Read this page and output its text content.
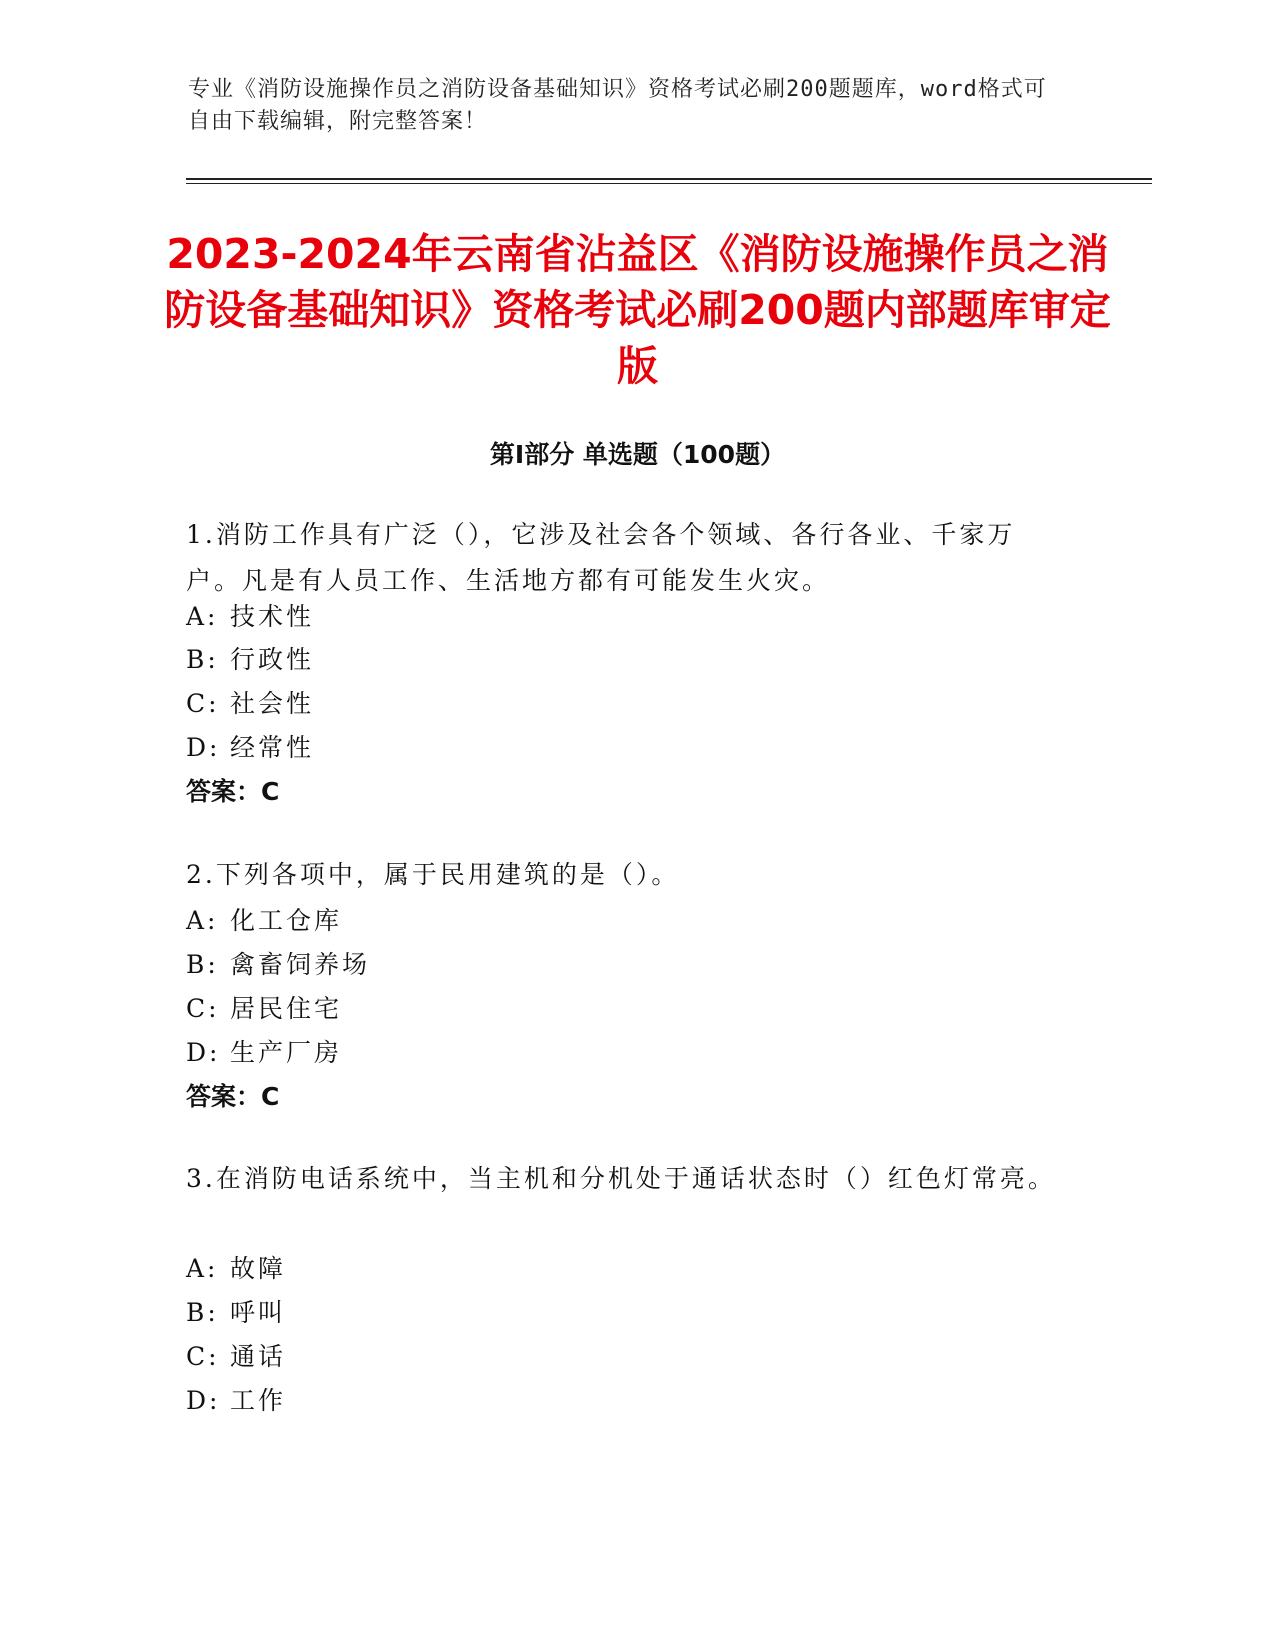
专业《消防设施操作员之消防设备基础知识》资格考试必刷200题题库，word格式可自由下载编辑，附完整答案！
2023-2024年云南省沾益区《消防设施操作员之消防设备基础知识》资格考试必刷200题内部题库审定版
第Ⅰ部分 单选题（100题）
1.消防工作具有广泛（），它涉及社会各个领域、各行各业、千家万户。凡是有人员工作、生活地方都有可能发生火灾。
A: 技术性
B: 行政性
C: 社会性
D: 经常性
答案：C
2.下列各项中，属于民用建筑的是（）。
A: 化工仓库
B: 禽畜饲养场
C: 居民住宅
D: 生产厂房
答案：C
3.在消防电话系统中，当主机和分机处于通话状态时（）红色灯常亮。
A: 故障
B: 呼叫
C: 通话
D: 工作
